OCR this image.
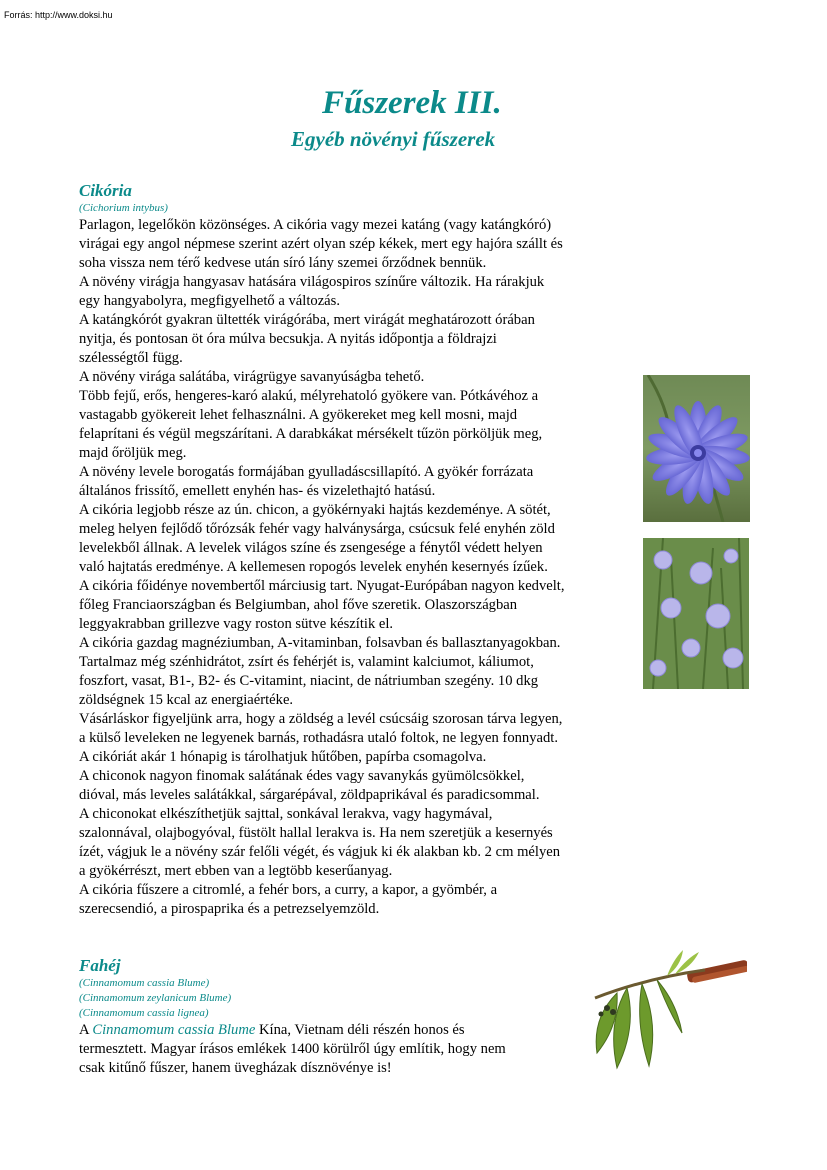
Forrás: http://www.doksi.hu
Fűszerek III.
Egyéb növényi fűszerek
Cikória
(Cichorium intybus)
Parlagon, legelőkön közönséges. A cikória vagy mezei katáng (vagy katángkóró)
virágai egy angol népmese szerint azért olyan szép kékek, mert egy hajóra szállt és
soha vissza nem térő kedvese után síró lány szemei őrződnek bennük.
A növény virágja hangyasav hatására világospiros színűre változik. Ha rárakjuk
egy hangyabolyra, megfigyelhető a változás.
A katángkórót gyakran ültették virágórába, mert virágát meghatározott órában
nyitja, és pontosan öt óra múlva becsukja. A nyitás időpontja a földrajzi
szélességtől függ.
A növény virága salátába, virágrügye savanyúságba tehető.
Több fejű, erős, hengeres-karó alakú, mélyrehatoló gyökere van. Pótkávéhoz a
vastagabb gyökereit lehet felhasználni. A gyökereket meg kell mosni, majd
felaprítani és végül megszárítani. A darabkákat mérsékelt tűzön pörköljük meg,
majd őröljük meg.
A növény levele borogatás formájában gyulladáscsillapító. A gyökér forrázata
általános frissítő, emellett enyhén has- és vizelethajtó hatású.
A cikória legjobb része az ún. chicon, a gyökérnyaki hajtás kezdeménye. A sötét,
meleg helyen fejlődő tőrózsák fehér vagy halványsárga, csúcsuk felé enyhén zöld
levelekből állnak. A levelek világos színe és zsengesége a fénytől védett helyen
való hajtatás eredménye. A kellemesen ropogós levelek enyhén kesernyés ízűek.
A cikória főidénye novembertől márciusig tart. Nyugat-Európában nagyon kedvelt,
főleg Franciaországban és Belgiumban, ahol főve szeretik. Olaszországban
leggyakrabban grillezve vagy roston sütve készítik el.
A cikória gazdag magnéziumban, A-vitaminban, folsavban és ballasztanyagokban.
Tartalmaz még szénhidrátot, zsírt és fehérjét is, valamint kalciumot, káliumot,
foszfort, vasat, B1-, B2- és C-vitamint, niacint, de nátriumban szegény. 10 dkg
zöldségnek 15 kcal az energiaértéke.
Vásárláskor figyeljünk arra, hogy a zöldség a levél csúcsáig szorosan tárva legyen,
a külső leveleken ne legyenek barnás, rothadásra utaló foltok, ne legyen fonnyadt.
A cikóriát akár 1 hónapig is tárolhatjuk hűtőben, papírba csomagolva.
A chiconok nagyon finomak salátának édes vagy savanykás gyümölcsökkel,
dióval, más leveles salátákkal, sárgarépával, zöldpaprikával és paradicsommal.
A chiconokat elkészíthetjük sajttal, sonkával lerakva, vagy hagymával,
szalonnával, olajbogyóval, füstölt hallal lerakva is. Ha nem szeretjük a kesernyés
ízét, vágjuk le a növény szár felőli végét, és vágjuk ki ék alakban kb. 2 cm mélyen
a gyökérrészt, mert ebben van a legtöbb keserűanyag.
A cikória fűszere a citromlé, a fehér bors, a curry, a kapor, a gyömbér, a
szerecsendió, a pirospaprika és a petrezselyemzöld.
Fahéj
(Cinnamomum cassia Blume)
(Cinnamomum zeylanicum Blume)
(Cinnamomum cassia lignea)
A Cinnamomum cassia Blume Kína, Vietnam déli részén honos és
termesztett. Magyar írásos emlékek 1400 körülről úgy említik, hogy nem
csak kitűnő fűszer, hanem üvegházak dísznövénye is!
